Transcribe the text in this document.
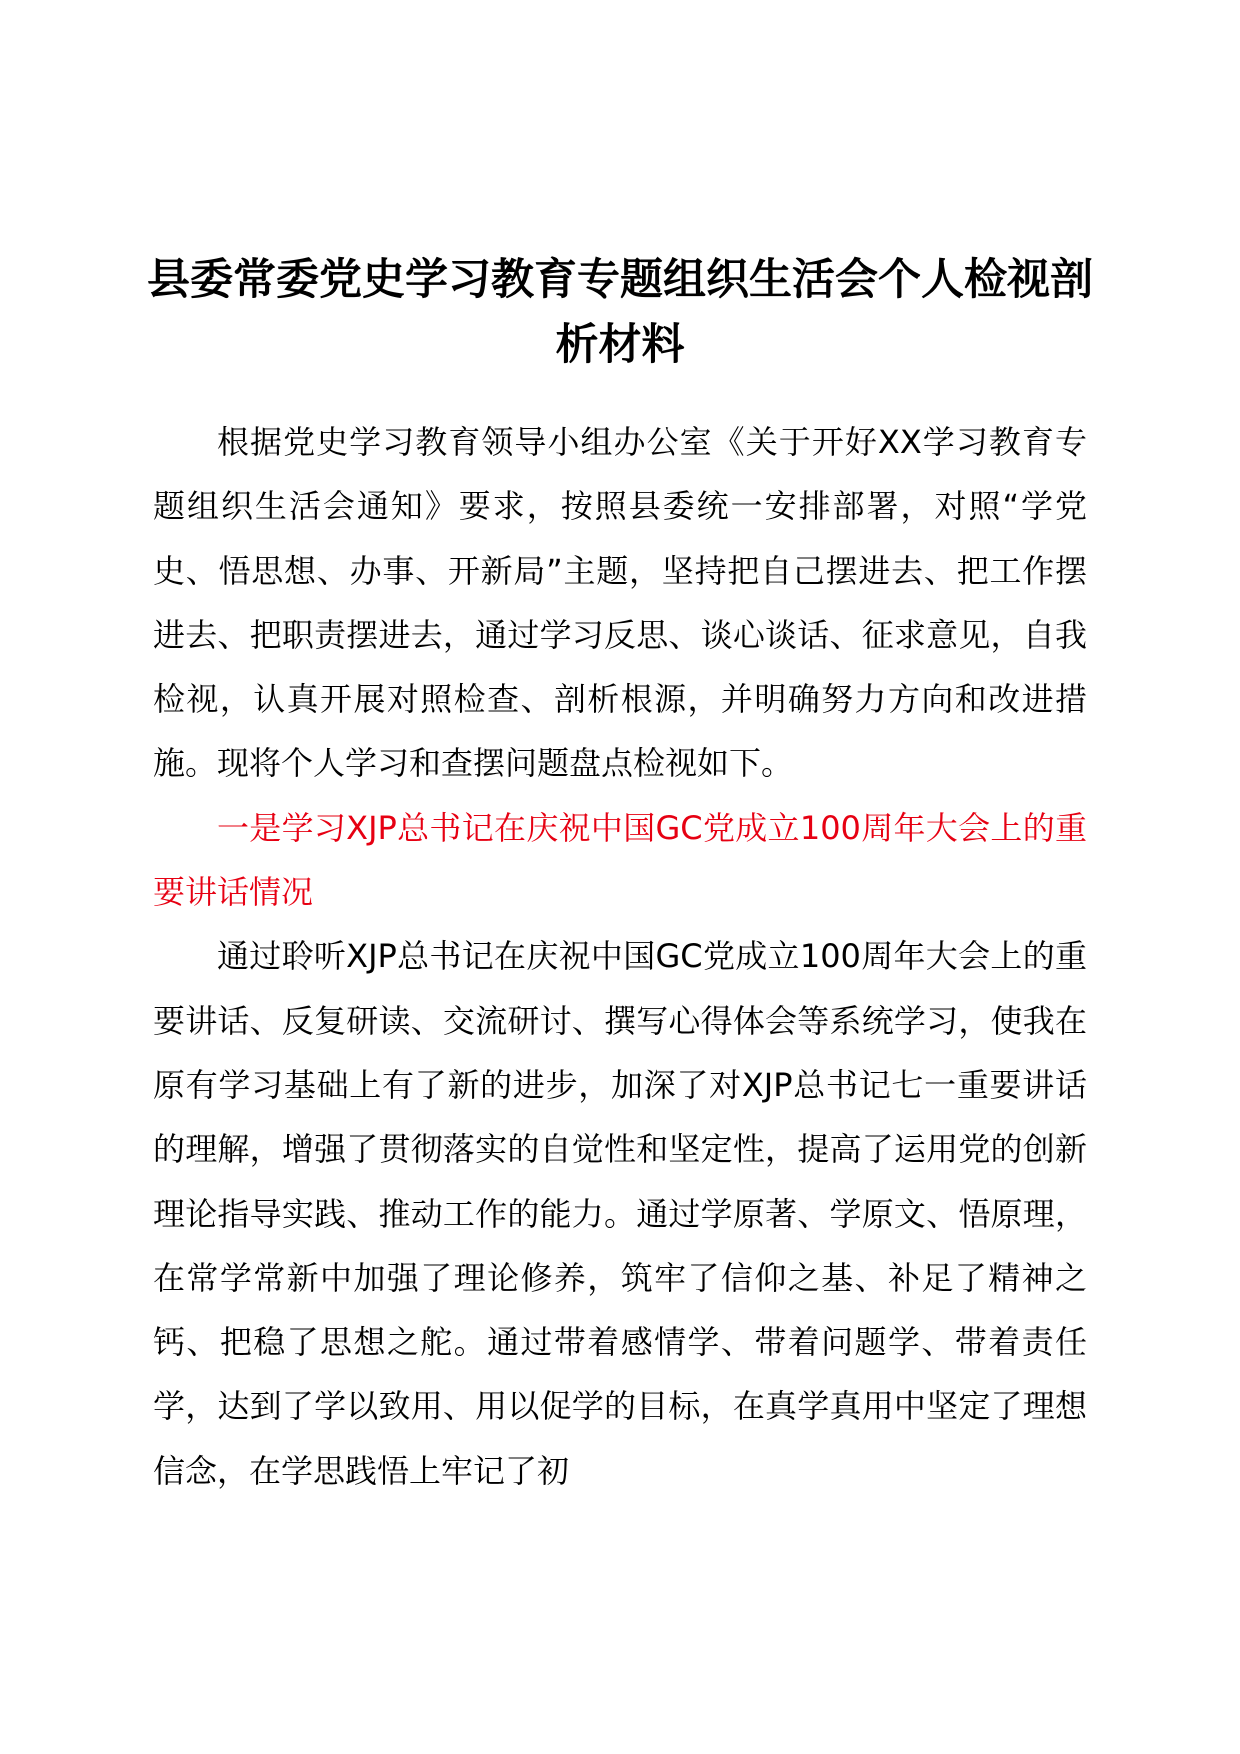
县委常委党史学习教育专题组织生活会个人检视剖析材料

根据党史学习教育领导小组办公室《关于开好XX学习教育专题组织生活会通知》要求，按照县委统一安排部署，对照“学党史、悟思想、办事、开新局”主题，坚持把自己摆进去、把工作摆进去、把职责摆进去，通过学习反思、谈心谈话、征求意见，自我检视，认真开展对照检查、剖析根源，并明确努力方向和改进措施。现将个人学习和查摆问题盘点检视如下。

一是学习XJP总书记在庆祝中国GC党成立100周年大会上的重要讲话情况

通过聆听XJP总书记在庆祝中国GC党成立100周年大会上的重要讲话、反复研读、交流研讨、撰写心得体会等系统学习，使我在原有学习基础上有了新的进步，加深了对XJP总书记七一重要讲话的理解，增强了贯彻落实的自觉性和坚定性，提高了运用党的创新理论指导实践、推动工作的能力。通过学原著、学原文、悟原理，在常学常新中加强了理论修养，筑牢了信仰之基、补足了精神之钙、把稳了思想之舵。通过带着感情学、带着问题学、带着责任学，达到了学以致用、用以促学的目标，在真学真用中坚定了理想信念，在学思践悟上牢记了初
